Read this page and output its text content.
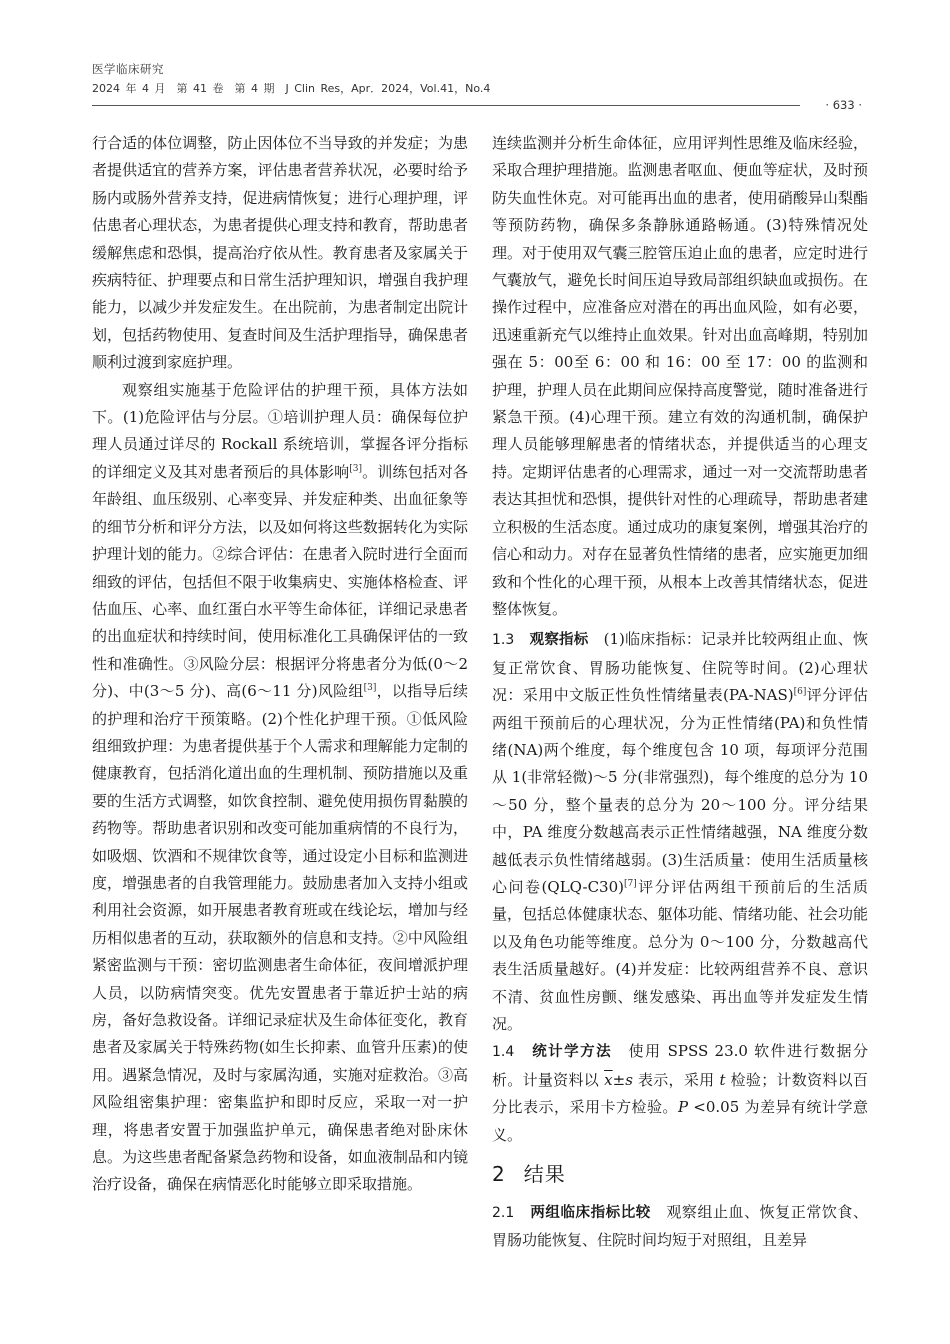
医学临床研究
2024 年 4 月　第 41 卷　第 4 期　J Clin Res，Apr．2024，Vol.41，No.4
· 633 ·

行合适的体位调整，防止因体位不当导致的并发症；为患者提供适宜的营养方案，评估患者营养状况，必要时给予肠内或肠外营养支持，促进病情恢复；进行心理护理，评估患者心理状态，为患者提供心理支持和教育，帮助患者缓解焦虑和恐惧，提高治疗依从性。教育患者及家属关于疾病特征、护理要点和日常生活护理知识，增强自我护理能力，以减少并发症发生。在出院前，为患者制定出院计划，包括药物使用、复查时间及生活护理指导，确保患者顺利过渡到家庭护理。

观察组实施基于危险评估的护理干预，具体方法如下。(1)危险评估与分层。①培训护理人员：确保每位护理人员通过详尽的 Rockall 系统培训，掌握各评分指标的详细定义及其对患者预后的具体影响[3]。训练包括对各年龄组、血压级别、心率变异、并发症种类、出血征象等的细节分析和评分方法，以及如何将这些数据转化为实际护理计划的能力。②综合评估：在患者入院时进行全面而细致的评估，包括但不限于收集病史、实施体格检查、评估血压、心率、血红蛋白水平等生命体征，详细记录患者的出血症状和持续时间，使用标准化工具确保评估的一致性和准确性。③风险分层：根据评分将患者分为低(0～2 分)、中(3～5 分)、高(6～11 分)风险组[3]，以指导后续的护理和治疗干预策略。(2)个性化护理干预。①低风险组细致护理：为患者提供基于个人需求和理解能力定制的健康教育，包括消化道出血的生理机制、预防措施以及重要的生活方式调整，如饮食控制、避免使用损伤胃黏膜的药物等。帮助患者识别和改变可能加重病情的不良行为，如吸烟、饮酒和不规律饮食等，通过设定小目标和监测进度，增强患者的自我管理能力。鼓励患者加入支持小组或利用社会资源，如开展患者教育班或在线论坛，增加与经历相似患者的互动，获取额外的信息和支持。②中风险组紧密监测与干预：密切监测患者生命体征，夜间增派护理人员，以防病情突变。优先安置患者于靠近护士站的病房，备好急救设备。详细记录症状及生命体征变化，教育患者及家属关于特殊药物(如生长抑素、血管升压素)的使用。遇紧急情况，及时与家属沟通，实施对症救治。③高风险组密集护理：密集监护和即时反应，采取一对一护理，将患者安置于加强监护单元，确保患者绝对卧床休息。为这些患者配备紧急药物和设备，如血液制品和内镜治疗设备，确保在病情恶化时能够立即采取措施。

连续监测并分析生命体征，应用评判性思维及临床经验，采取合理护理措施。监测患者呕血、便血等症状，及时预防失血性休克。对可能再出血的患者，使用硝酸异山梨酯等预防药物，确保多条静脉通路畅通。(3)特殊情况处理。对于使用双气囊三腔管压迫止血的患者，应定时进行气囊放气，避免长时间压迫导致局部组织缺血或损伤。在操作过程中，应准备应对潜在的再出血风险，如有必要，迅速重新充气以维持止血效果。针对出血高峰期，特别加强在 5：00至 6：00 和 16：00 至 17：00 的监测和护理，护理人员在此期间应保持高度警觉，随时准备进行紧急干预。(4)心理干预。建立有效的沟通机制，确保护理人员能够理解患者的情绪状态，并提供适当的心理支持。定期评估患者的心理需求，通过一对一交流帮助患者表达其担忧和恐惧，提供针对性的心理疏导，帮助患者建立积极的生活态度。通过成功的康复案例，增强其治疗的信心和动力。对存在显著负性情绪的患者，应实施更加细致和个性化的心理干预，从根本上改善其情绪状态，促进整体恢复。

1.3　 观察指标　(1)临床指标：记录并比较两组止血、恢复正常饮食、胃肠功能恢复、住院等时间。(2)心理状况：采用中文版正性负性情绪量表(PA-NAS)[6]评分评估两组干预前后的心理状况，分为正性情绪(PA)和负性情绪(NA)两个维度，每个维度包含 10 项，每项评分范围从 1(非常轻微)～5 分(非常强烈)，每个维度的总分为 10～50 分，整个量表的总分为 20～100 分。评分结果中，PA 维度分数越高表示正性情绪越强，NA 维度分数越低表示负性情绪越弱。(3)生活质量：使用生活质量核心问卷(QLQ-C30)[7]评分评估两组干预前后的生活质量，包括总体健康状态、躯体功能、情绪功能、社会功能以及角色功能等维度。总分为 0～100 分，分数越高代表生活质量越好。(4)并发症：比较两组营养不良、意识不清、贫血性房颤、继发感染、再出血等并发症发生情况。

1.4　 统计学方法　使用 SPSS 23.0 软件进行数据分析。计量资料以 $\overline{x}\pm s$ 表示，采用 t 检验；计数资料以百分比表示，采用卡方检验。P <0.05 为差异有统计学意义。

2 结果

2.1　 两组临床指标比较　观察组止血、恢复正常饮食、胃肠功能恢复、住院时间均短于对照组，且差异
